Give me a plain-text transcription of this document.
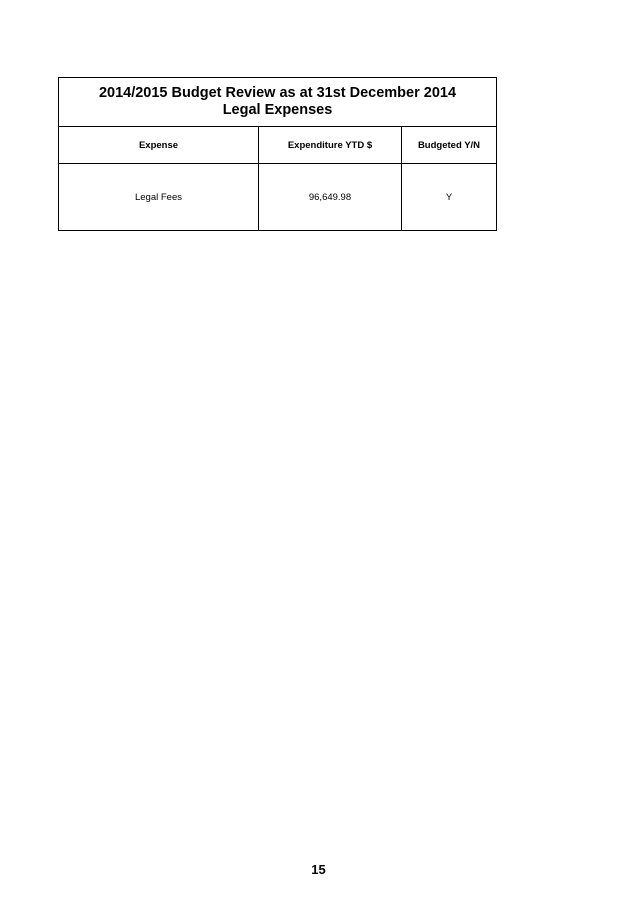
2014/2015 Budget Review as at 31st December 2014
Legal Expenses
Expense	Expenditure YTD $	Budgeted Y/N
Legal Fees	96,649.98	Y
15
